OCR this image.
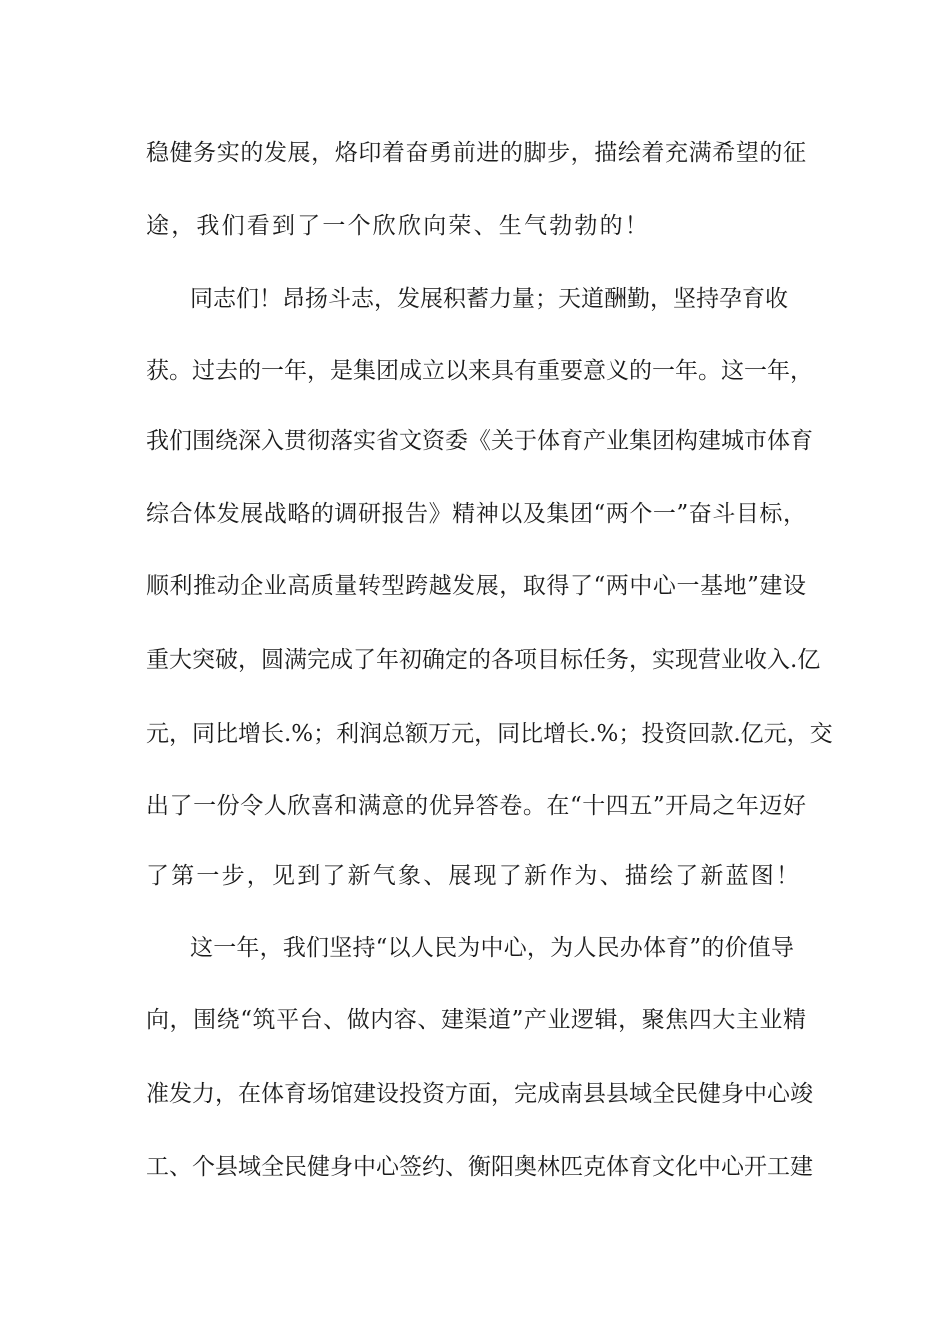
稳健务实的发展，烙印着奋勇前进的脚步，描绘着充满希望的征
途，我们看到了一个欣欣向荣、生气勃勃的！
同志们！昂扬斗志，发展积蓄力量；天道酬勤，坚持孕育收
获。过去的一年，是集团成立以来具有重要意义的一年。这一年，
我们围绕深入贯彻落实省文资委《关于体育产业集团构建城市体育
综合体发展战略的调研报告》精神以及集团“两个一”奋斗目标，
顺利推动企业高质量转型跨越发展，取得了“两中心一基地”建设
重大突破，圆满完成了年初确定的各项目标任务，实现营业收入.亿
元，同比增长.%；利润总额万元，同比增长.%；投资回款.亿元，交
出了一份令人欣喜和满意的优异答卷。在“十四五”开局之年迈好
了第一步，见到了新气象、展现了新作为、描绘了新蓝图！
这一年，我们坚持“以人民为中心，为人民办体育”的价值导
向，围绕“筑平台、做内容、建渠道”产业逻辑，聚焦四大主业精
准发力，在体育场馆建设投资方面，完成南县县域全民健身中心竣
工、个县域全民健身中心签约、衡阳奥林匹克体育文化中心开工建
